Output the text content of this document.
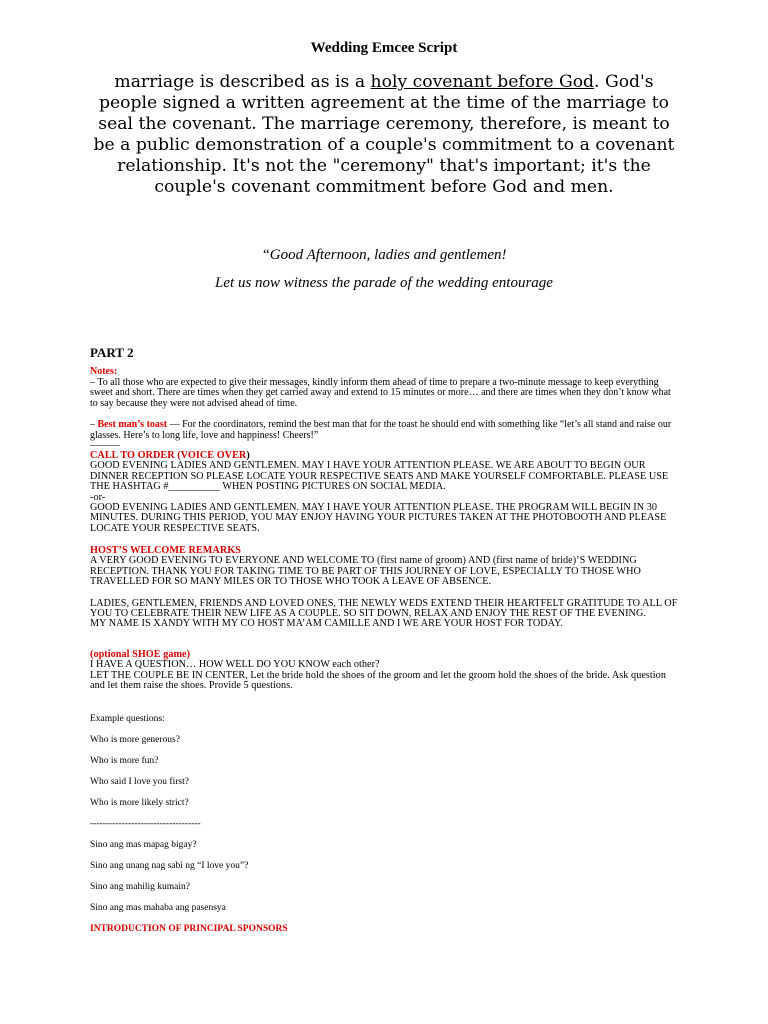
Wedding Emcee Script
marriage is described as is a holy covenant before God. God's people signed a written agreement at the time of the marriage to seal the covenant. The marriage ceremony, therefore, is meant to be a public demonstration of a couple's commitment to a covenant relationship. It's not the "ceremony" that's important; it's the couple's covenant commitment before God and men.
“Good Afternoon, ladies and gentlemen!
Let us now witness the parade of the wedding entourage
PART 2
Notes:
– To all those who are expected to give their messages, kindly inform them ahead of time to prepare a two-minute message to keep everything sweet and short. There are times when they get carried away and extend to 15 minutes or more… and there are times when they don’t know what to say because they were not advised ahead of time.
– Best man’s toast — For the coordinators, remind the best man that for the toast he should end with something like “let’s all stand and raise our glasses. Here’s to long life, love and happiness! Cheers!”
———
CALL TO ORDER (VOICE OVER)
GOOD EVENING LADIES AND GENTLEMEN. MAY I HAVE YOUR ATTENTION PLEASE. WE ARE ABOUT TO BEGIN OUR DINNER RECEPTION SO PLEASE LOCATE YOUR RESPECTIVE SEATS AND MAKE YOURSELF COMFORTABLE. PLEASE USE THE HASHTAG #__________ WHEN POSTING PICTURES ON SOCIAL MEDIA.
-or-
GOOD EVENING LADIES AND GENTLEMEN. MAY I HAVE YOUR ATTENTION PLEASE. THE PROGRAM WILL BEGIN IN 30 MINUTES. DURING THIS PERIOD, YOU MAY ENJOY HAVING YOUR PICTURES TAKEN AT THE PHOTOBOOTH AND PLEASE LOCATE YOUR RESPECTIVE SEATS.
HOST’S WELCOME REMARKS
A VERY GOOD EVENING TO EVERYONE AND WELCOME TO (first name of groom) AND (first name of bride)’S WEDDING RECEPTION. THANK YOU FOR TAKING TIME TO BE PART OF THIS JOURNEY OF LOVE, ESPECIALLY TO THOSE WHO TRAVELLED FOR SO MANY MILES OR TO THOSE WHO TOOK A LEAVE OF ABSENCE.
LADIES, GENTLEMEN, FRIENDS AND LOVED ONES, THE NEWLY WEDS EXTEND THEIR HEARTFELT GRATITUDE TO ALL OF YOU TO CELEBRATE THEIR NEW LIFE AS A COUPLE. SO SIT DOWN, RELAX AND ENJOY THE REST OF THE EVENING.
MY NAME IS XANDY WITH MY CO HOST MA’AM CAMILLE AND I WE ARE YOUR HOST FOR TODAY.
(optional SHOE game)
I HAVE A QUESTION… HOW WELL DO YOU KNOW each other?
LET THE COUPLE BE IN CENTER, Let the bride hold the shoes of the groom and let the groom hold the shoes of the bride. Ask question and let them raise the shoes. Provide 5 questions.
Example questions:
Who is more generous?
Who is more fun?
Who said I love you first?
Who is more likely strict?
-----------------------------------
Sino ang mas mapag bigay?
Sino ang unang nag sabi ng “I love you”?
Sino ang mahilig kumain?
Sino ang mas mahaba ang pasensya
INTRODUCTION OF PRINCIPAL SPONSORS
